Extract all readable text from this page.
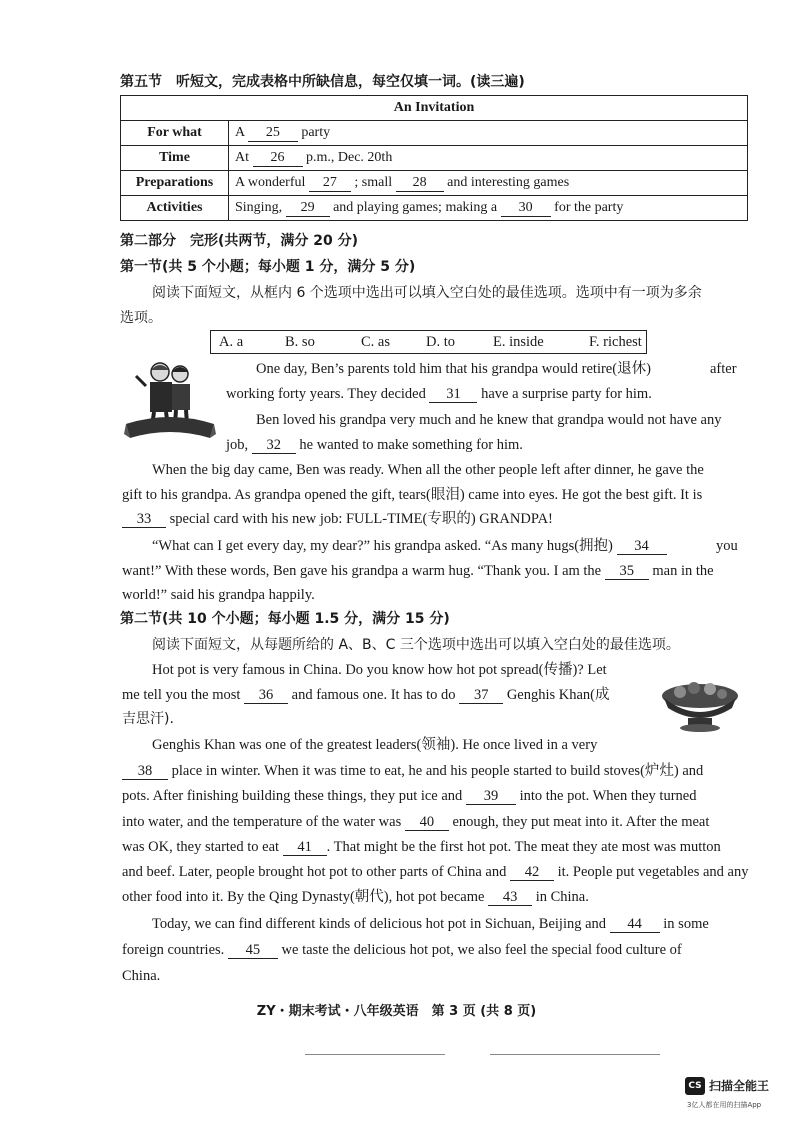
第五节　听短文，完成表格中所缺信息，每空仅填一词。(读三遍)
An Invitation	
For what	A 25 party
Time	At 26 p.m., Dec. 20th
Preparations	A wonderful 27 ; small 28 and interesting games
Activities	Singing, 29 and playing games; making a 30 for the party
第二部分　完形(共两节，满分 20 分)
第一节(共 5 个小题；每小题 1 分，满分 5 分)
阅读下面短文，从框内 6 个选项中选出可以填入空白处的最佳选项。选项中有一项为多余
选项。
A. a	B. so	C. as D. to	E. inside	F. richest
One day, Ben’s parents told him that his grandpa would retire(退休)	after
working forty years. They decided 31 have a surprise party for him.
Ben loved his grandpa very much and he knew that grandpa would not have any
job, 32 he wanted to make something for him.
When the big day came, Ben was ready. When all the other people left after dinner, he gave the
gift to his grandpa. As grandpa opened the gift, tears(眼泪) came into eyes. He got the best gift. It is
33 special card with his new job: FULL-TIME(专职的) GRANDPA!
“What can I get every day, my dear?” his grandpa asked. “As many hugs(拥抱) 34	you
want!” With these words, Ben gave his grandpa a warm hug. “Thank you. I am the 35 man in the
world!” said his grandpa happily.
第二节(共 10 个小题；每小题 1.5 分，满分 15 分)
阅读下面短文，从每题所给的 A、B、C 三个选项中选出可以填入空白处的最佳选项。
Hot pot is very famous in China. Do you know how hot pot spread(传播)? Let
me tell you the most 36 and famous one. It has to do 37 Genghis Khan(成
吉思汗).
Genghis Khan was one of the greatest leaders(领袖). He once lived in a very
38 place in winter. When it was time to eat, he and his people started to build stoves(炉灶) and
pots. After finishing building these things, they put ice and 39 into the pot. When they turned
into water, and the temperature of the water was 40 enough, they put meat into it. After the meat
was OK, they started to eat 41 . That might be the first hot pot. The meat they ate most was mutton
and beef. Later, people brought hot pot to other parts of China and 42 it. People put vegetables and any
other food into it. By the Qing Dynasty(朝代), hot pot became 43 in China.
Today, we can find different kinds of delicious hot pot in Sichuan, Beijing and 44 in some
foreign countries. 45 we taste the delicious hot pot, we also feel the special food culture of
China.
ZY・期末考试・八年级英语　第 3 页 (共 8 页)
CS 扫描全能王
3亿人都在用的扫描App
